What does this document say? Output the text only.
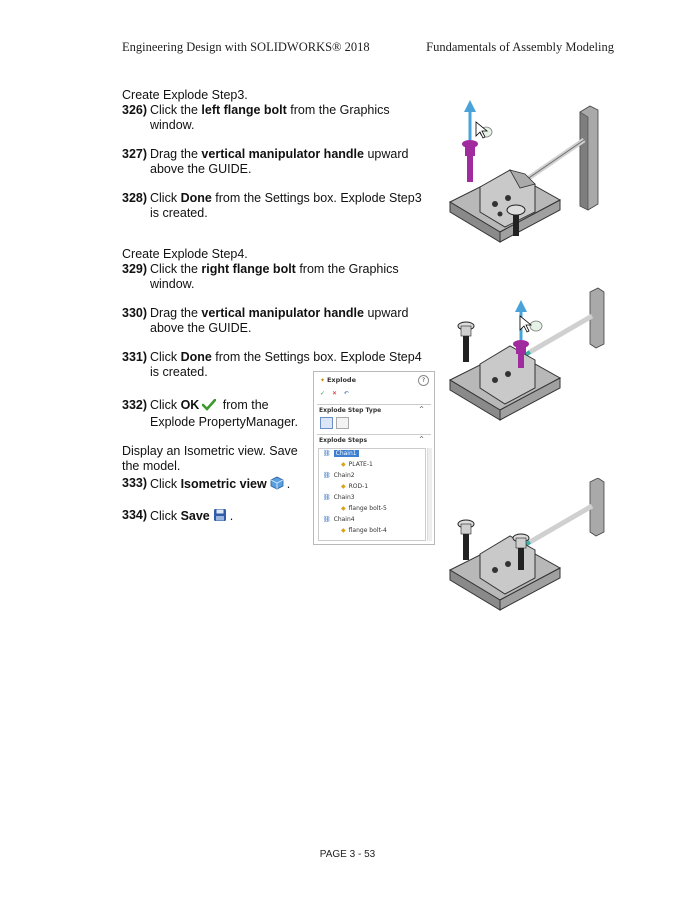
Engineering Design with SOLIDWORKS® 2018	Fundamentals of Assembly Modeling

Create Explode Step3.

326) Click the left flange bolt from the Graphics window.
327) Drag the vertical manipulator handle upward above the GUIDE.
328) Click Done from the Settings box. Explode Step3 is created.

Create Explode Step4.

329) Click the right flange bolt from the Graphics window.
330) Drag the vertical manipulator handle upward above the GUIDE.
331) Click Done from the Settings box. Explode Step4 is created.
332) Click OK from the Explode PropertyManager.

Display an Isometric view. Save the model.

333) Click Isometric view .
334) Click Save .
✦ Explode	?
✓ ✕ ↶
Explode Step Type	^
Explode Steps	^
⛓ Chain1
◆ PLATE-1
⛓ Chain2
◆ ROD-1
⛓ Chain3
◆ flange bolt-5
⛓ Chain4
◆ flange bolt-4
PAGE 3 - 53
